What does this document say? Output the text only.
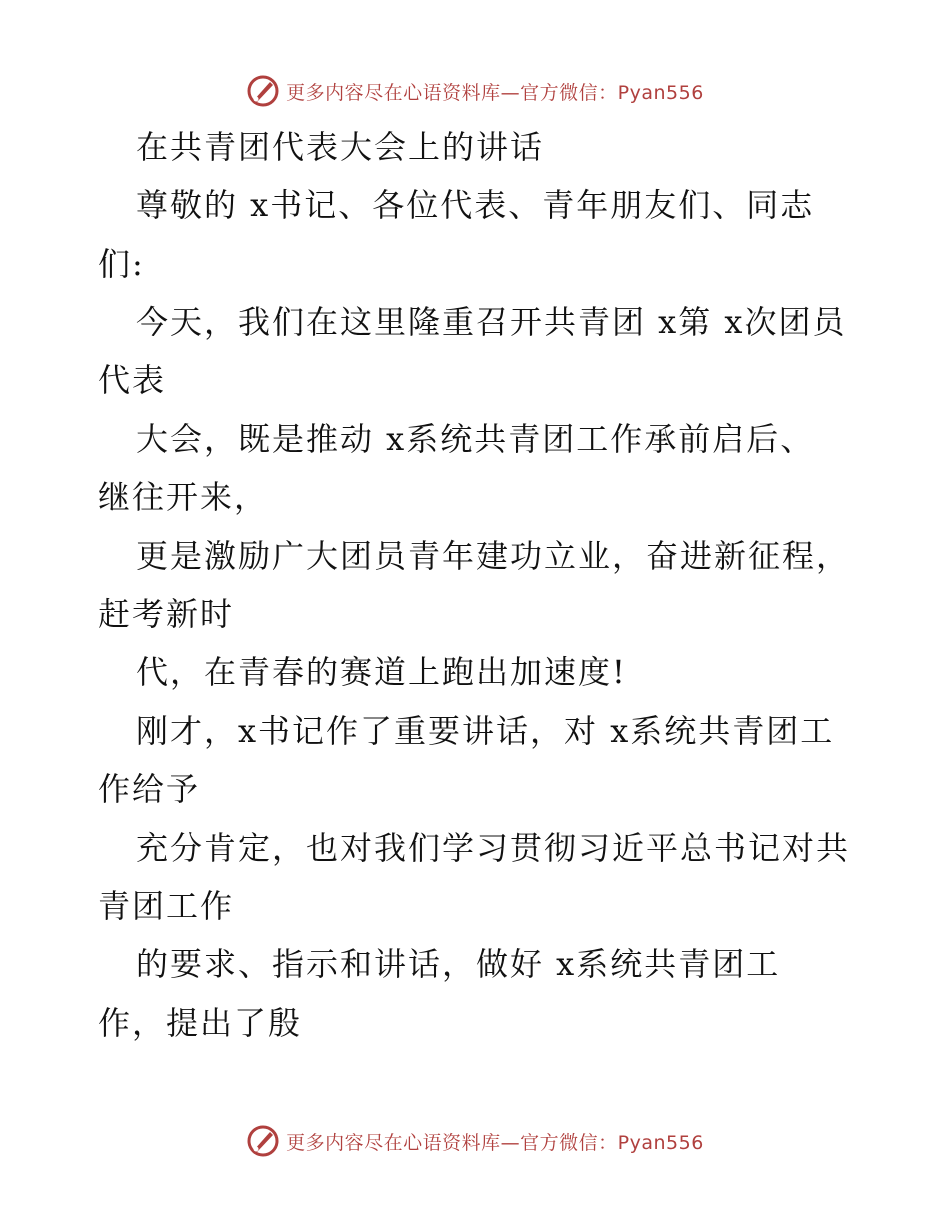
更多内容尽在心语资料库—官方微信：Pyan556
在共青团代表大会上的讲话
尊敬的 x书记、各位代表、青年朋友们、同志
们:
今天，我们在这里隆重召开共青团 x第 x次团员
代表
大会，既是推动 x系统共青团工作承前启后、
继往开来，
更是激励广大团员青年建功立业，奋进新征程，
赶考新时
代，在青春的赛道上跑出加速度!
刚才，x书记作了重要讲话，对 x系统共青团工
作给予
充分肯定，也对我们学习贯彻习近平总书记对共
青团工作
的要求、指示和讲话，做好 x系统共青团工
作，提出了殷
更多内容尽在心语资料库—官方微信：Pyan556
